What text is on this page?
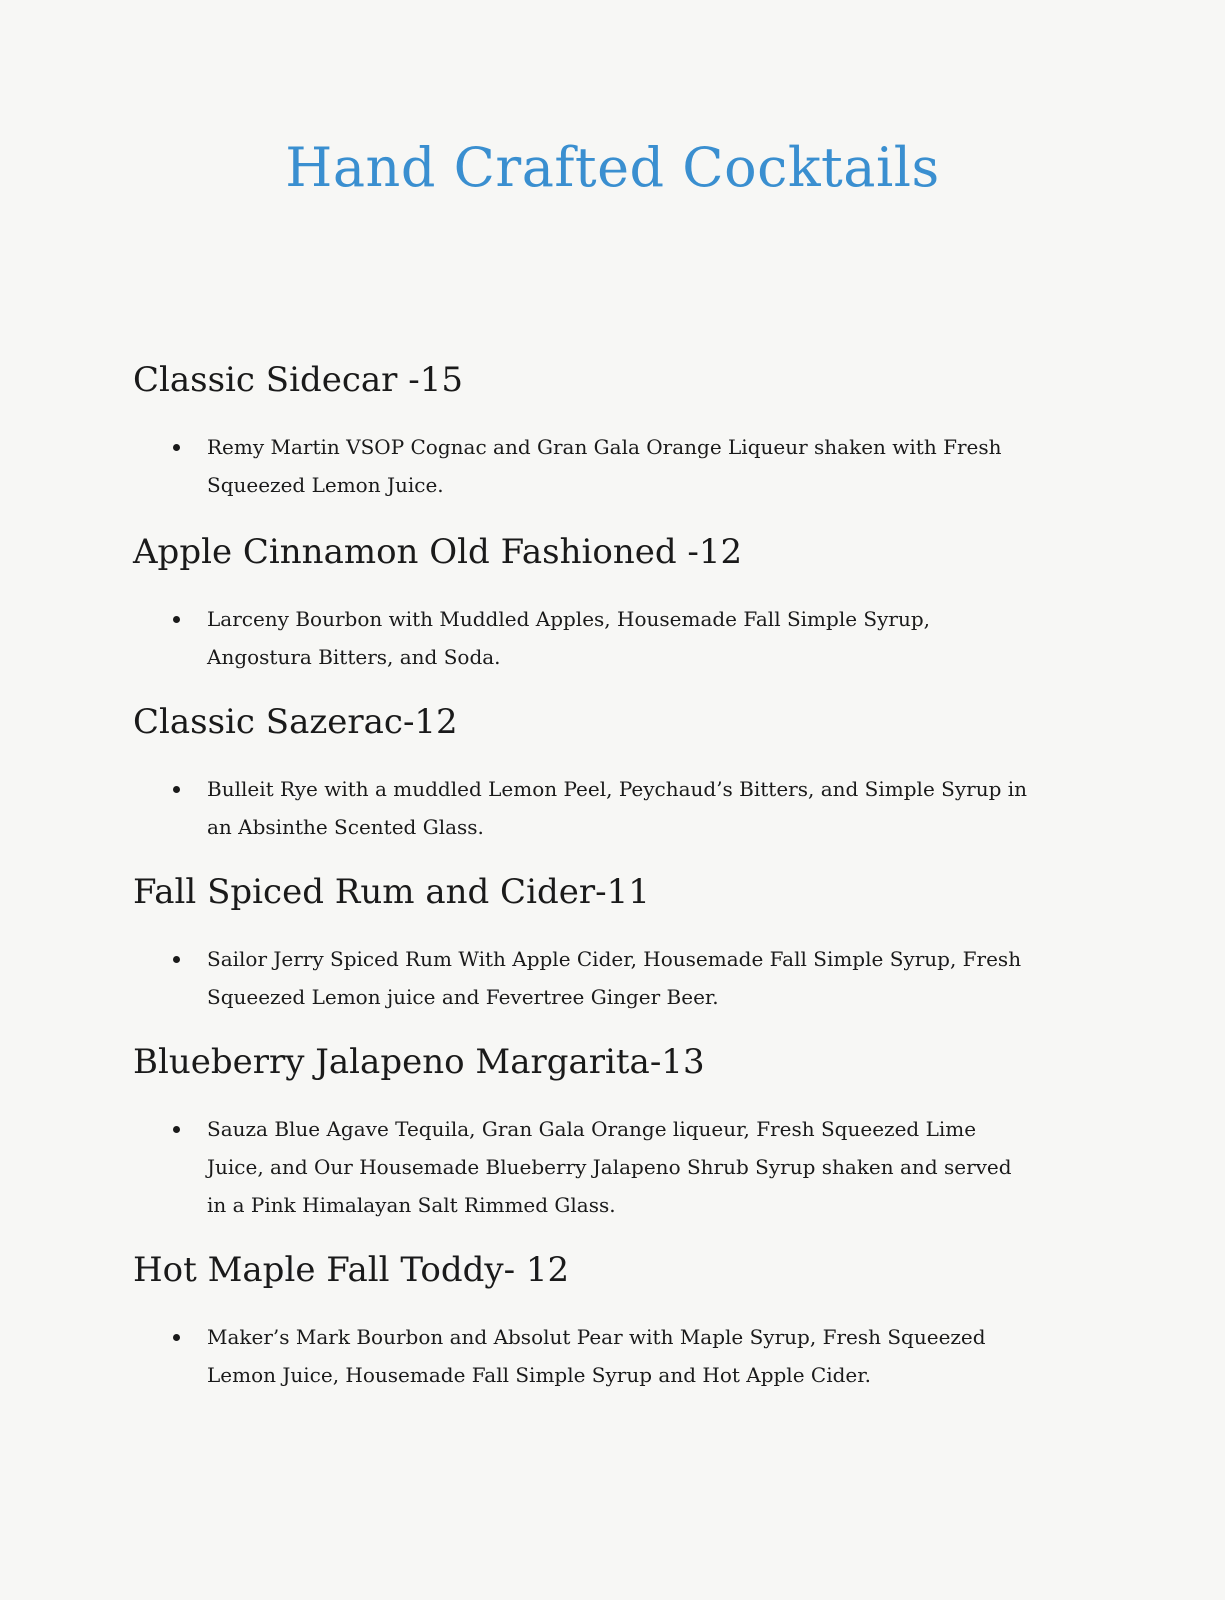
Hand Crafted Cocktails
Classic Sidecar -15
Remy Martin VSOP Cognac and Gran Gala Orange Liqueur shaken with Fresh Squeezed Lemon Juice.
Apple Cinnamon Old Fashioned -12
Larceny Bourbon with Muddled Apples, Housemade Fall Simple Syrup, Angostura Bitters, and Soda.
Classic Sazerac-12
Bulleit Rye with a muddled Lemon Peel, Peychaud’s Bitters, and Simple Syrup in an Absinthe Scented Glass.
Fall Spiced Rum and Cider-11
Sailor Jerry Spiced Rum With Apple Cider, Housemade Fall Simple Syrup, Fresh Squeezed Lemon juice and Fevertree Ginger Beer.
Blueberry Jalapeno Margarita-13
Sauza Blue Agave Tequila, Gran Gala Orange liqueur, Fresh Squeezed Lime Juice, and Our Housemade Blueberry Jalapeno Shrub Syrup shaken and served in a Pink Himalayan Salt Rimmed Glass.
Hot Maple Fall Toddy- 12
Maker’s Mark Bourbon and Absolut Pear with Maple Syrup, Fresh Squeezed Lemon Juice, Housemade Fall Simple Syrup and Hot Apple Cider.
